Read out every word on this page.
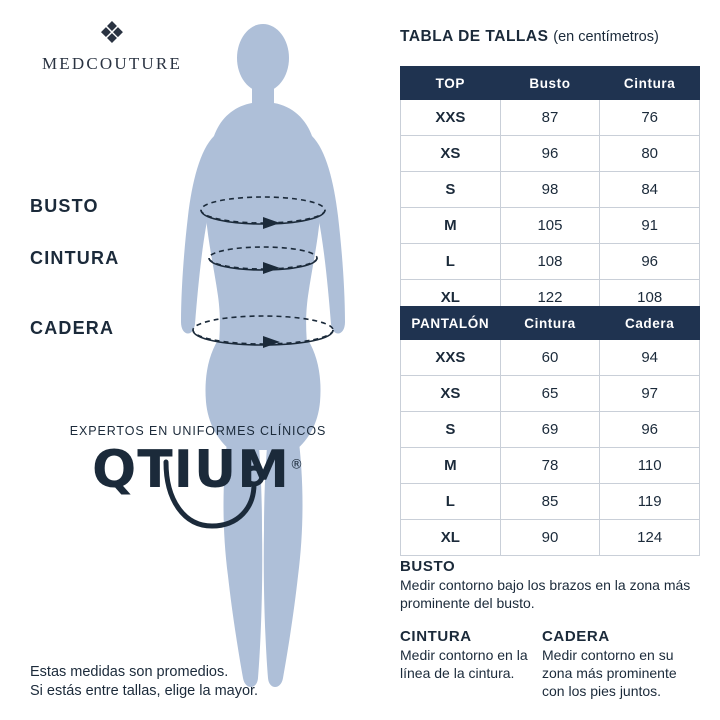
❖
MEDCOUTURE
BUSTO
CINTURA
CADERA
EXPERTOS EN UNIFORMES CLÍNICOS
QTIUM®
Estas medidas son promedios.
Si estás entre tallas, elige la mayor.
TABLA DE TALLAS (en centímetros)
TOP	Busto	Cintura
XXS	87	76
XS	96	80
S	98	84
M	105	91
L	108	96
XL	122	108
PANTALÓN	Cintura	Cadera
XXS	60	94
XS	65	97
S	69	96
M	78	110
L	85	119
XL	90	124
BUSTO
Medir contorno bajo los brazos en la zona más prominente del busto.
CINTURA
Medir contorno en la línea de la cintura.
CADERA
Medir contorno en su zona más prominente con los pies juntos.
